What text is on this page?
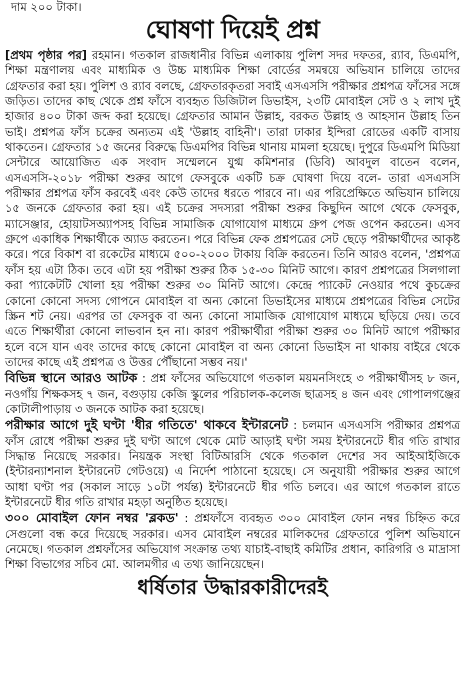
দাম ২০০ টাকা।
ঘোষণা দিয়েই প্রশ্ন

[প্রথম পৃষ্ঠার পর] রহমান। গতকাল রাজধানীর বিভিন্ন এলাকায় পুলিশ সদর দফতর, র‍্যাব, ডিএমপি, শিক্ষা মন্ত্রণালয় এবং মাধ্যমিক ও উচ্চ মাধ্যমিক শিক্ষা বোর্ডের সমন্বয়ে অভিযান চালিয়ে তাদের গ্রেফতার করা হয়। পুলিশ ও র‍্যাব বলছে, গ্রেফতারকৃতরা সবাই এসএসসি পরীক্ষার প্রশ্নপত্র ফাঁসের সঙ্গে জড়িত। তাদের কাছ থেকে প্রশ্ন ফাঁসে ব্যবহৃত ডিজিটাল ডিভাইস, ২৩টি মোবাইল সেট ও ২ লাখ দুই হাজার ৪০০ টাকা জব্দ করা হয়েছে। গ্রেফতার আমান উল্লাহ, বরকত উল্লাহ ও আহসান উল্লাহ তিন ভাই। প্রশ্নপত্র ফাঁস চক্রের অন্যতম এই 'উল্লাহ বাহিনী'। তারা ঢাকার ইন্দিরা রোডের একটি বাসায় থাকতেন। গ্রেফতার ১৫ জনের বিরুদ্ধে ডিএমপির বিভিন্ন থানায় মামলা হয়েছে। দুপুরে ডিএমপি মিডিয়া সেন্টারে আয়োজিত এক সংবাদ সম্মেলনে যুগ্ম কমিশনার (ডিবি) আবদুল বাতেন বলেন, এসএসসি-২০১৮ পরীক্ষা শুরুর আগে ফেসবুকে একটি চক্র ঘোষণা দিয়ে বলে- তারা এসএসসি পরীক্ষার প্রশ্নপত্র ফাঁস করবেই এবং কেউ তাদের ধরতে পারবে না। এর পরিপ্রেক্ষিতে অভিযান চালিয়ে ১৫ জনকে গ্রেফতার করা হয়। এই চক্রের সদস্যরা পরীক্ষা শুরুর কিছুদিন আগে থেকে ফেসবুক, ম্যাসেঞ্জার, হোয়াটসঅ্যাপসহ বিভিন্ন সামাজিক যোগাযোগ মাধ্যমে গ্রুপ পেজ ওপেন করতেন। এসব গ্রুপে একাধিক শিক্ষার্থীকে অ্যাড করতেন। পরে বিভিন্ন ফেক প্রশ্নপত্রের সেট ছেড়ে পরীক্ষার্থীদের আকৃষ্ট করে। পরে বিকাশ বা রকেটের মাধ্যমে ৫০০-২০০০ টাকায় বিক্রি করতেন। তিনি আরও বলেন, 'প্রশ্নপত্র ফাঁস হয় এটা ঠিক। তবে এটা হয় পরীক্ষা শুরুর ঠিক ১৫-৩০ মিনিট আগে। কারণ প্রশ্নপত্রের সিলগালা করা প্যাকেটটি খোলা হয় পরীক্ষা শুরুর ৩০ মিনিট আগে। কেন্দ্রে প্যাকেট নেওয়ার পথে কুচক্রের কোনো কোনো সদস্য গোপনে মোবাইল বা অন্য কোনো ডিভাইসের মাধ্যমে প্রশ্নপত্রের বিভিন্ন সেটের স্ক্রিন শট নেয়। এরপর তা ফেসবুক বা অন্য কোনো সামাজিক যোগাযোগ মাধ্যমে ছড়িয়ে দেয়। তবে এতে শিক্ষার্থীরা কোনো লাভবান হন না। কারণ পরীক্ষার্থীরা পরীক্ষা শুরুর ৩০ মিনিট আগে পরীক্ষার হলে বসে যান এবং তাদের কাছে কোনো মোবাইল বা অন্য কোনো ডিভাইস না থাকায় বাইরে থেকে তাদের কাছে এই প্রশ্নপত্র ও উত্তর পৌঁছানো সম্ভব নয়।'

বিভিন্ন স্থানে আরও আটক : প্রশ্ন ফাঁসের অভিযোগে গতকাল ময়মনসিংহে ৩ পরীক্ষার্থীসহ ৮ জন, নওগাঁয় শিক্ষকসহ ৭ জন, বগুড়ায় কেজি স্কুলের পরিচালক-কলেজ ছাত্রসহ ৪ জন এবং গোপালগঞ্জের কোটালীপাড়ায় ৩ জনকে আটক করা হয়েছে।

পরীক্ষার আগে দুই ঘণ্টা 'ধীর গতিতে' থাকবে ইন্টারনেট : চলমান এসএসসি পরীক্ষার প্রশ্নপত্র ফাঁস রোধে পরীক্ষা শুরুর দুই ঘণ্টা আগে থেকে মোট আড়াই ঘণ্টা সময় ইন্টারনেটে ধীর গতি রাখার সিদ্ধান্ত নিয়েছে সরকার। নিয়ন্ত্রক সংস্থা বিটিআরসি থেকে গতকাল দেশের সব আইআইজিকে (ইন্টারন্যাশনাল ইন্টারনেট গেটওয়ে) এ নির্দেশ পাঠানো হয়েছে। সে অনুযায়ী পরীক্ষার শুরুর আগে আধা ঘণ্টা পর (সকাল সাড়ে ১০টা পর্যন্ত) ইন্টারনেটে ধীর গতি চলবে। এর আগে গতকাল রাতে ইন্টারনেটে ধীর গতি রাখার মহড়া অনুষ্ঠিত হয়েছে।

৩০০ মোবাইল ফোন নম্বর 'ব্লকড' : প্রশ্নফাঁসে ব্যবহৃত ৩০০ মোবাইল ফোন নম্বর চিহ্নিত করে সেগুলো বন্ধ করে দিয়েছে সরকার। এসব মোবাইল নম্বরের মালিকদের গ্রেফতারে পুলিশ অভিযানে নেমেছে। গতকাল প্রশ্নফাঁসের অভিযোগ সংক্রান্ত তথ্য যাচাই-বাছাই কমিটির প্রধান, কারিগরি ও মাদ্রাসা শিক্ষা বিভাগের সচিব মো. আলমগীর এ তথ্য জানিয়েছেন।

ধর্ষিতার উদ্ধারকারীদেরই
